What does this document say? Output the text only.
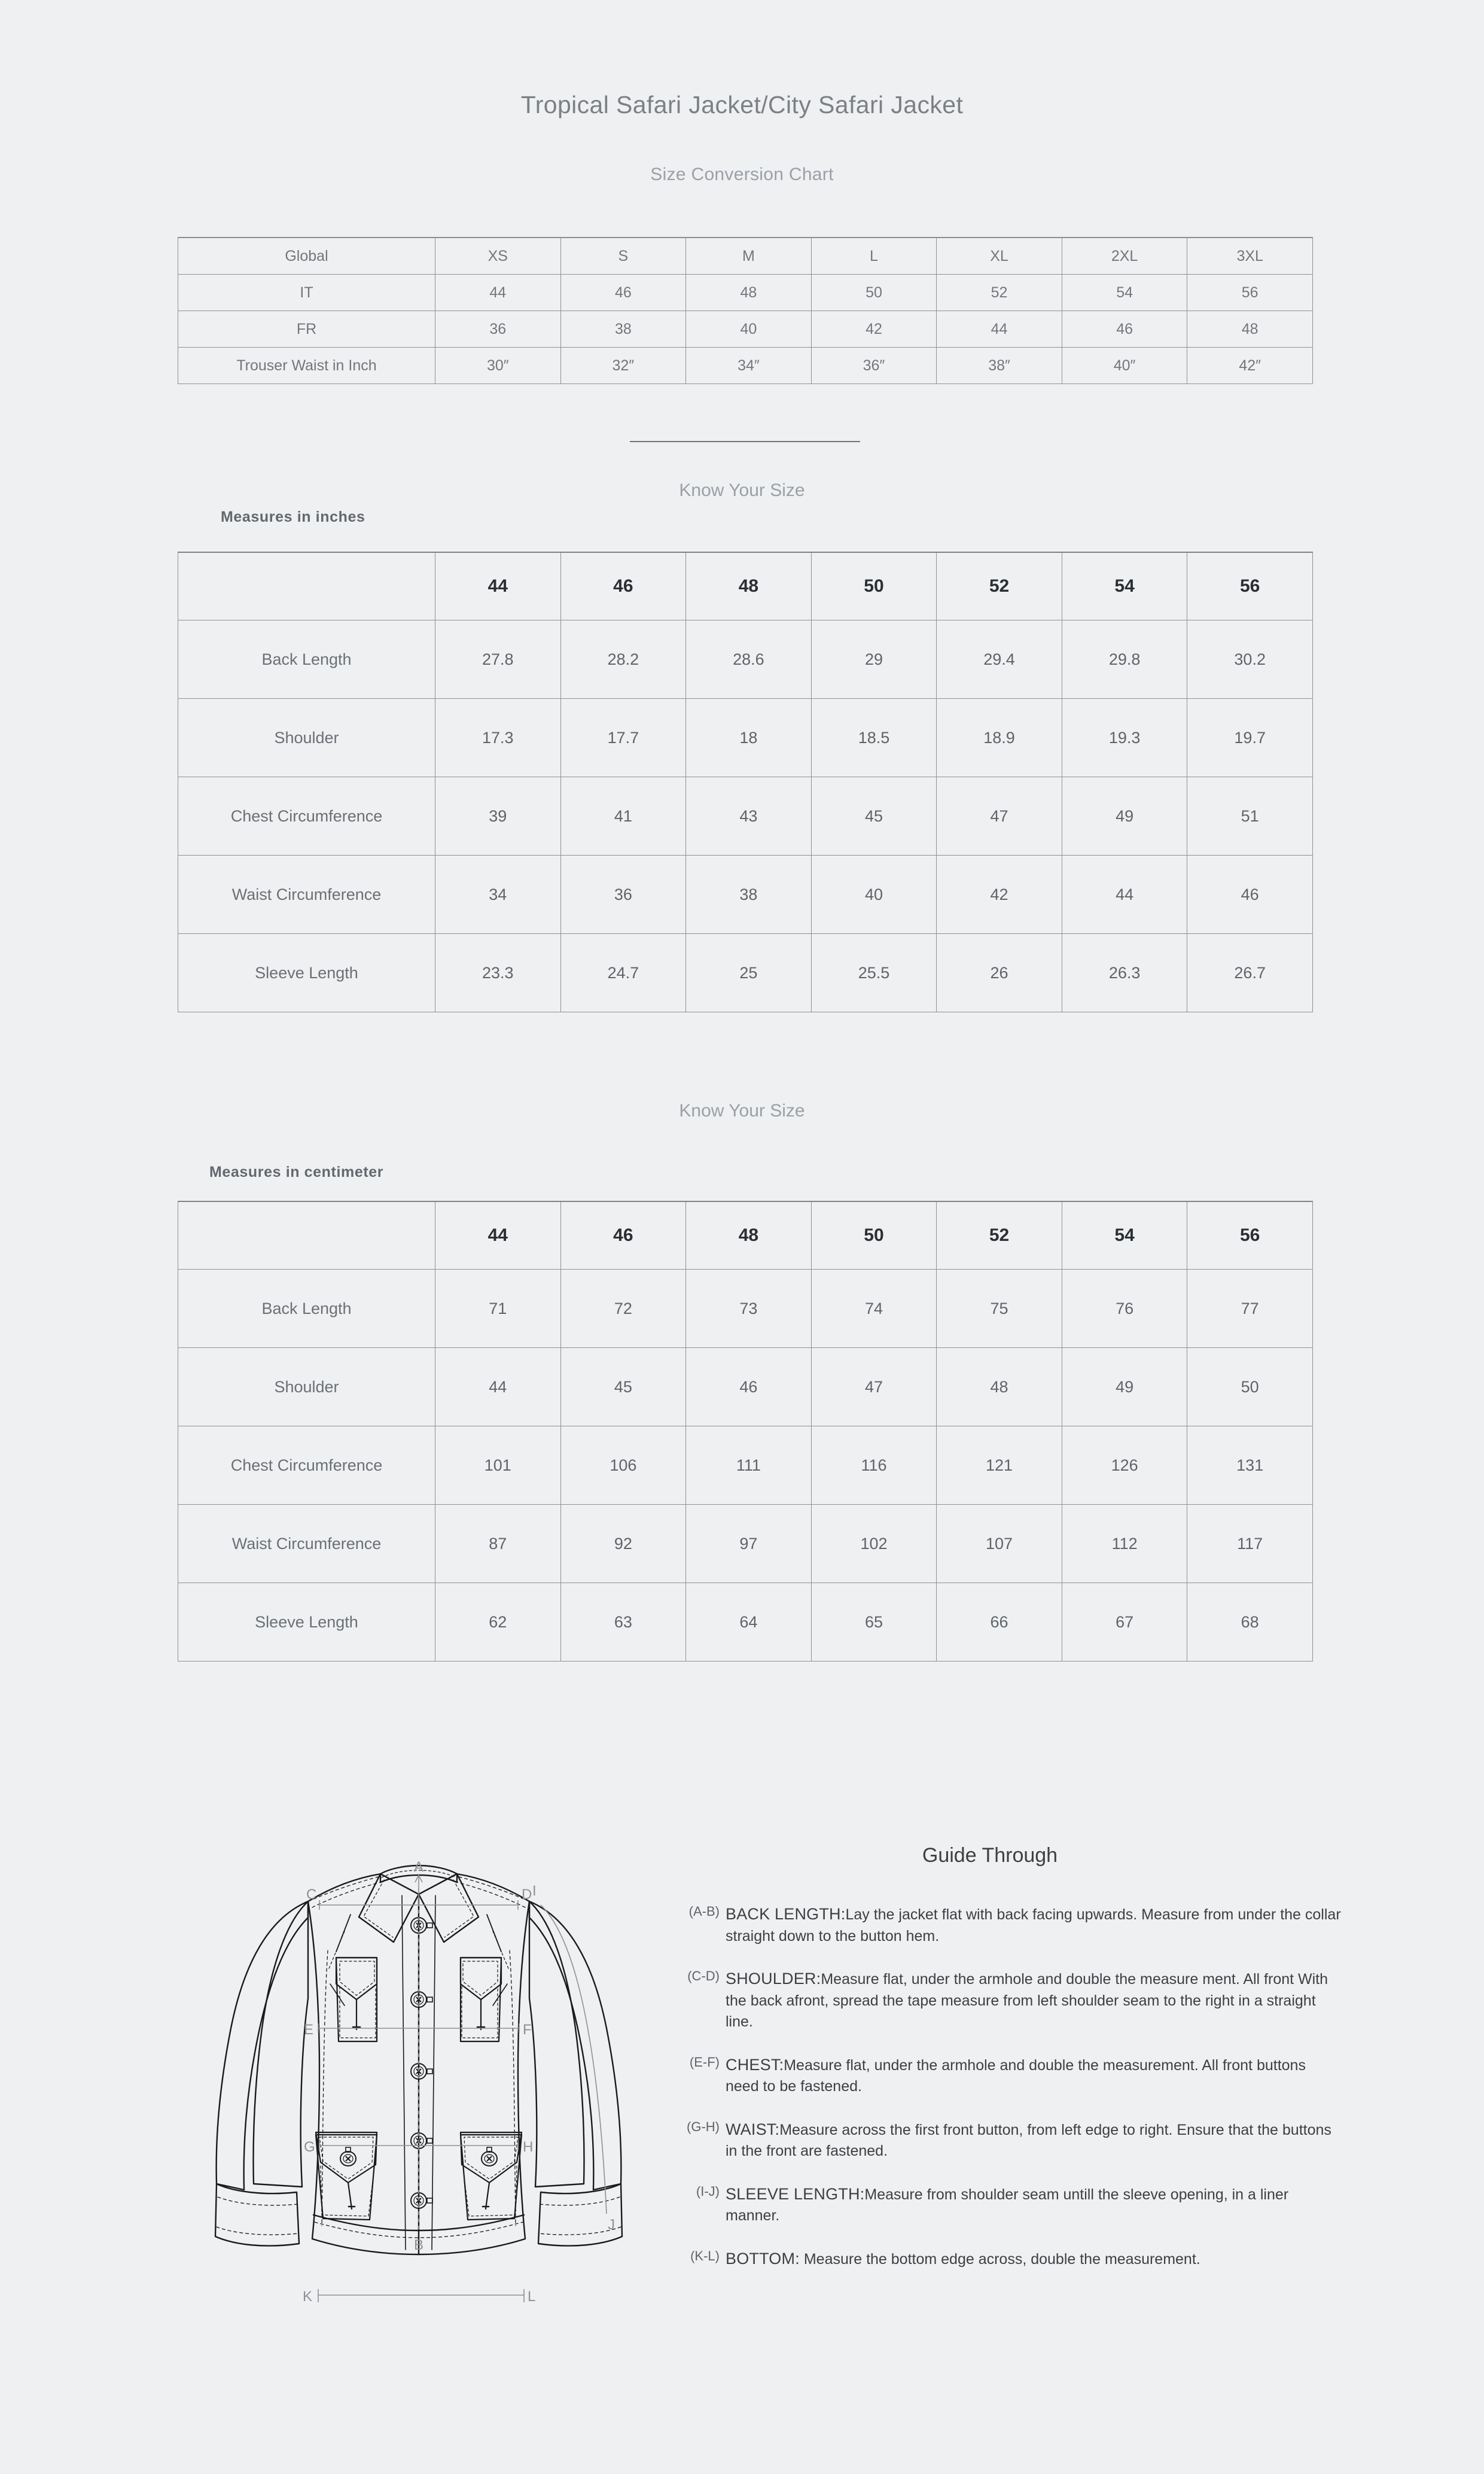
Tropical Safari Jacket/City Safari Jacket
Size Conversion Chart
Global	XS	S	M	L	XL	2XL	3XL
IT	44	46	48	50	52	54	56
FR	36	38	40	42	44	46	48
Trouser Waist in Inch	30″	32″	34″	36″	38″	40″	42″
Know Your Size
Measures in inches
	44	46	48	50	52	54	56
Back Length	27.8	28.2	28.6	29	29.4	29.8	30.2
Shoulder	17.3	17.7	18	18.5	18.9	19.3	19.7
Chest Circumference	39	41	43	45	47	49	51
Waist Circumference	34	36	38	40	42	44	46
Sleeve Length	23.3	24.7	25	25.5	26	26.3	26.7
Know Your Size
Measures in centimeter
	44	46	48	50	52	54	56
Back Length	71	72	73	74	75	76	77
Shoulder	44	45	46	47	48	49	50
Chest Circumference	101	106	111	116	121	126	131
Waist Circumference	87	92	97	102	107	112	117
Sleeve Length	62	63	64	65	66	67	68
A
B
C	D
E	F
G	H
I
J
K	L
Guide Through
(A-B) BACK LENGTH:Lay the jacket flat with back facing upwards. Measure from under the collar straight down to the button hem.
(C-D) SHOULDER:Measure flat, under the armhole and double the measure ment. All front With the back afront, spread the tape measure from left shoulder seam to the right in a straight line.
(E-F) CHEST:Measure flat, under the armhole and double the measurement. All front buttons need to be fastened.
(G-H) WAIST:Measure across the first front button, from left edge to right. Ensure that the buttons in the front are fastened.
(I-J) SLEEVE LENGTH:Measure from shoulder seam untill the sleeve opening, in a liner manner.
(K-L) BOTTOM: Measure the bottom edge across, double the measurement.
